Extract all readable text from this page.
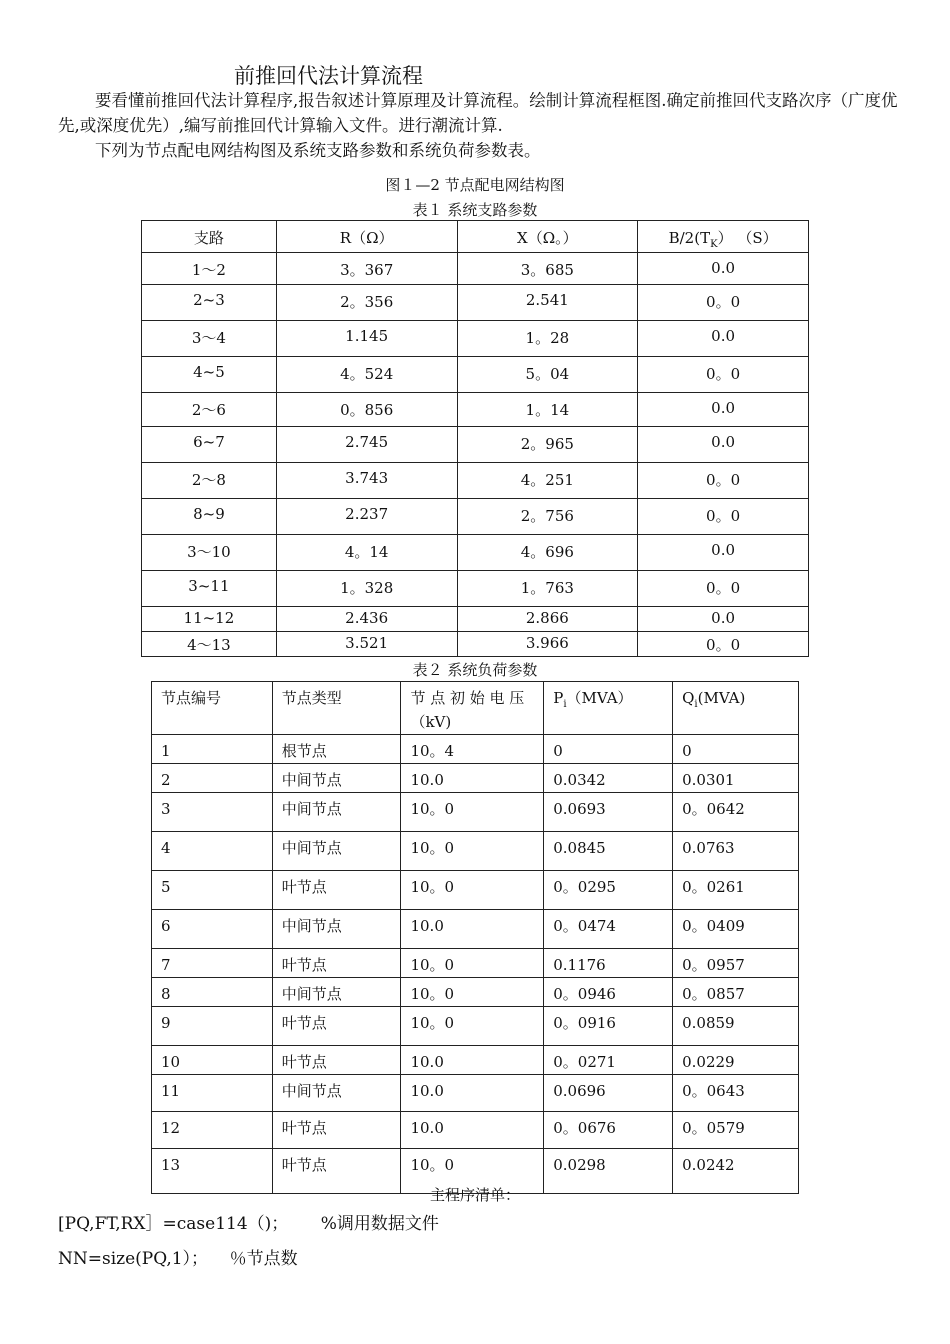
前推回代法计算流程
要看懂前推回代法计算程序,报告叙述计算原理及计算流程。绘制计算流程框图.确定前推回代支路次序（广度优先,或深度优先）,编写前推回代计算输入文件。进行潮流计算.
下列为节点配电网结构图及系统支路参数和系统负荷参数表。
图１—2 节点配电网结构图
表１ 系统支路参数
支路	R（Ω）	X（Ω。）	$B/2(T_K)$ （S）
1～2	3。367	3。685	0.0
2~3	2。356	2.541	0。0
3～4	1.145	1。28	0.0
4~5	4。524	5。04	0。0
2～6	0。856	1。14	0.0
6~7	2.745	2。965	0.0
2～8	3.743	4。251	0。0
8~9	2.237	2。756	0。0
3～10	4。14	4。696	0.0
3~11	1。328	1。763	0。0
11~12	2.436	2.866	0.0
4～13	3.521	3.966	0。0
表２ 系统负荷参数
节点编号	节点类型	节 点 初 始 电 压（kV)	$P_i(MVA)$	$Q_i(MVA)$
1	根节点	10。4	0	0
2	中间节点	10.0	0.0342	0.0301
3	中间节点	10。0	0.0693	0。0642
4	中间节点	10。0	0.0845	0.0763
5	叶节点	10。0	0。0295	0。0261
6	中间节点	10.0	0。0474	0。0409
7	叶节点	10。0	0.1176	0。0957
8	中间节点	10。0	0。0946	0。0857
9	叶节点	10。0	0。0916	0.0859
10	叶节点	10.0	0。0271	0.0229
11	中间节点	10.0	0.0696	0。0643
12	叶节点	10.0	0。0676	0。0579
13	叶节点	10。0	0.0298	0.0242
主程序清单：
[PQ,FT,RX］=case114（)；      %调用数据文件
NN=size(PQ,1）；    ％节点数
